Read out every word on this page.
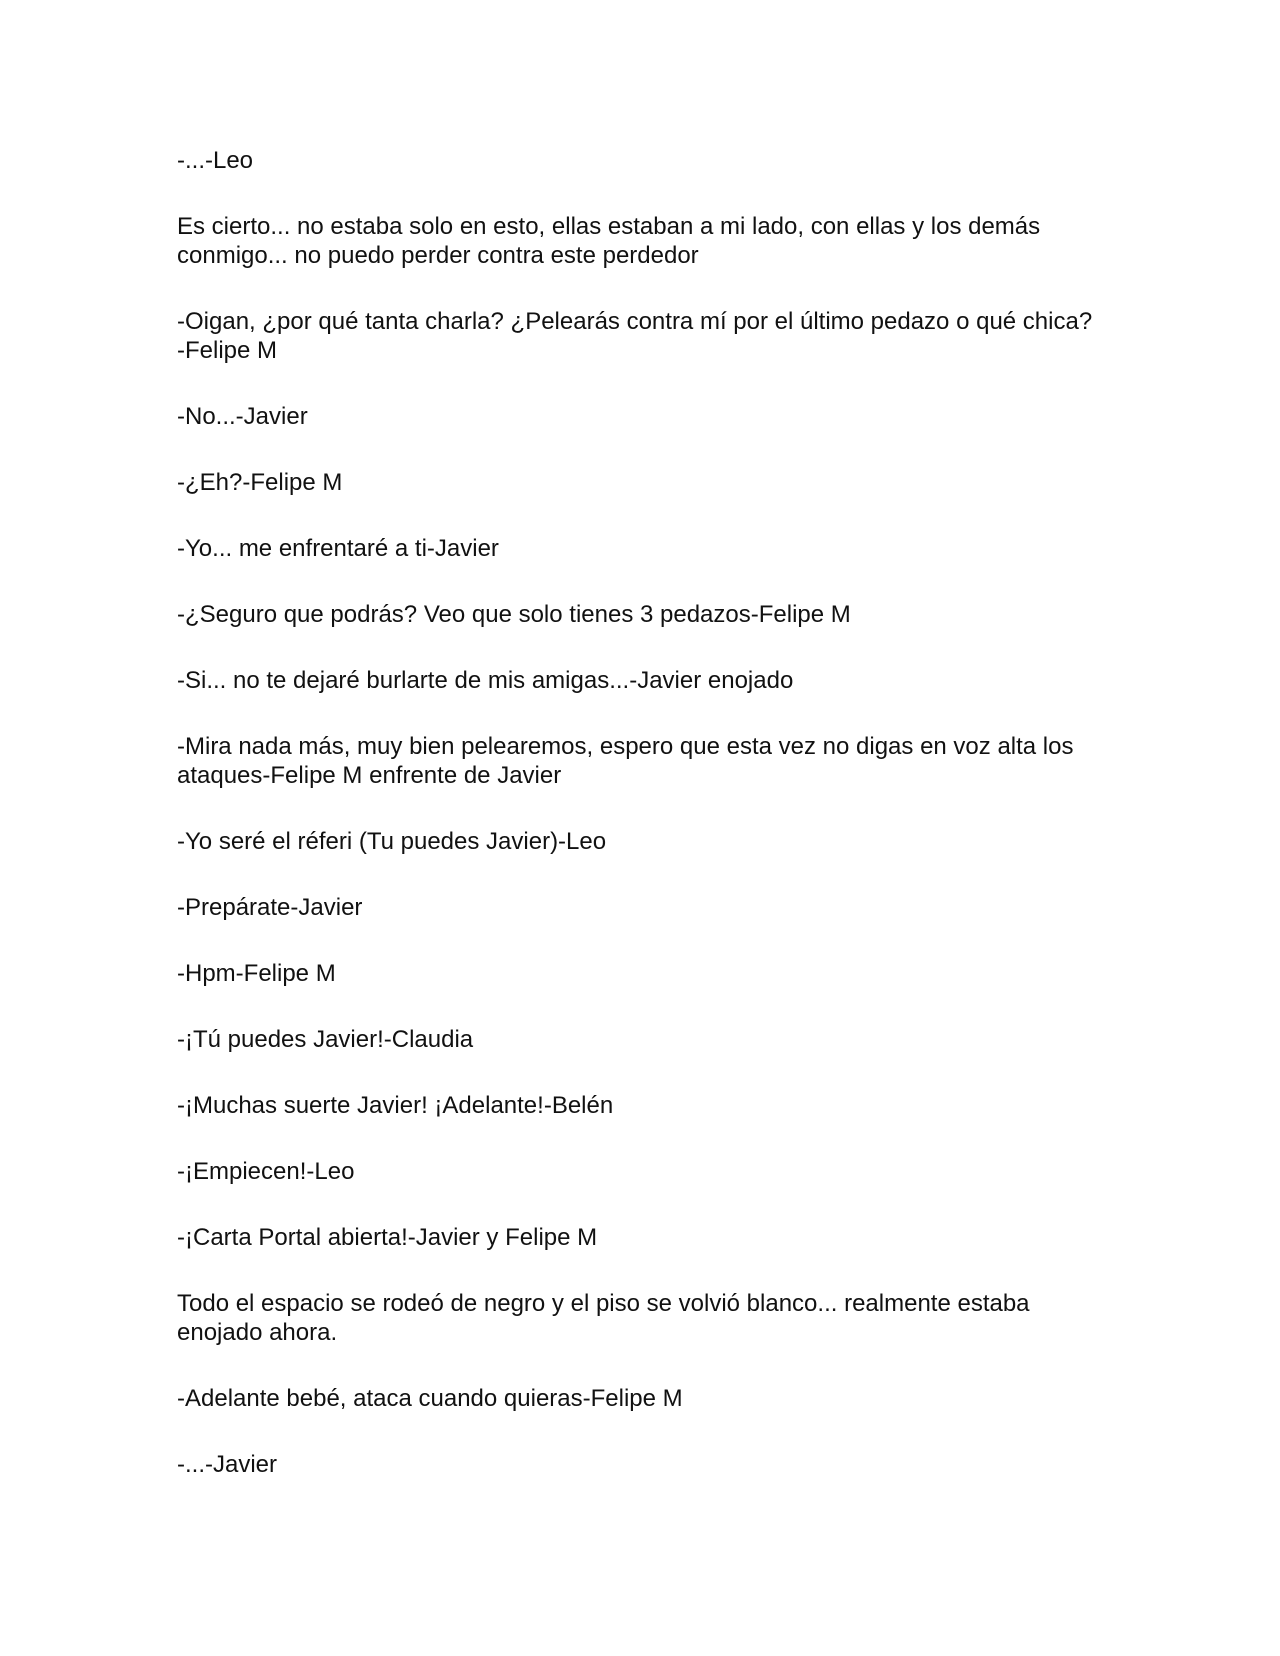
-...-Leo

Es cierto... no estaba solo en esto, ellas estaban a mi lado, con ellas y los demás conmigo... no puedo perder contra este perdedor

-Oigan, ¿por qué tanta charla? ¿Pelearás contra mí por el último pedazo o qué chica?-Felipe M

-No...-Javier

-¿Eh?-Felipe M

-Yo... me enfrentaré a ti-Javier

-¿Seguro que podrás? Veo que solo tienes 3 pedazos-Felipe M

-Si... no te dejaré burlarte de mis amigas...-Javier enojado

-Mira nada más, muy bien pelearemos, espero que esta vez no digas en voz alta los ataques-Felipe M enfrente de Javier

-Yo seré el réferi (Tu puedes Javier)-Leo

-Prepárate-Javier

-Hpm-Felipe M

-¡Tú puedes Javier!-Claudia

-¡Muchas suerte Javier! ¡Adelante!-Belén

-¡Empiecen!-Leo

-¡Carta Portal abierta!-Javier y Felipe M

Todo el espacio se rodeó de negro y el piso se volvió blanco... realmente estaba enojado ahora.

-Adelante bebé, ataca cuando quieras-Felipe M

-...-Javier
